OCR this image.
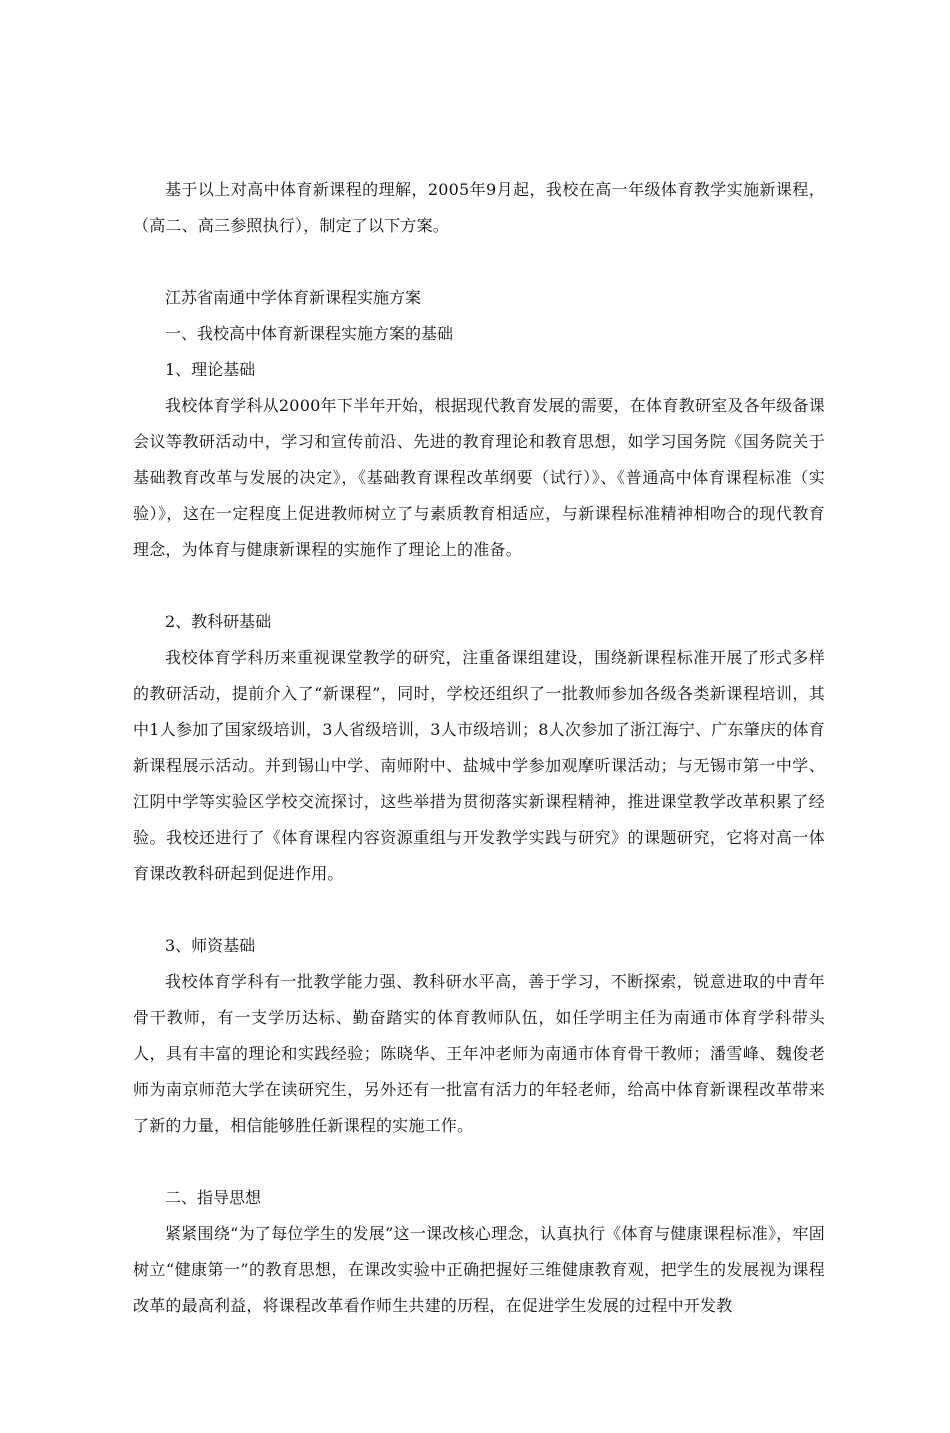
基于以上对高中体育新课程的理解，2005年9月起，我校在高一年级体育教学实施新课程，（高二、高三参照执行），制定了以下方案。

江苏省南通中学体育新课程实施方案

一、我校高中体育新课程实施方案的基础

1、理论基础

我校体育学科从2000年下半年开始，根据现代教育发展的需要，在体育教研室及各年级备课会议等教研活动中，学习和宣传前沿、先进的教育理论和教育思想，如学习国务院《国务院关于基础教育改革与发展的决定》，《基础教育课程改革纲要（试行）》、《普通高中体育课程标准（实验）》，这在一定程度上促进教师树立了与素质教育相适应，与新课程标准精神相吻合的现代教育理念，为体育与健康新课程的实施作了理论上的准备。

2、教科研基础

我校体育学科历来重视课堂教学的研究，注重备课组建设，围绕新课程标准开展了形式多样的教研活动，提前介入了“新课程”，同时，学校还组织了一批教师参加各级各类新课程培训，其中1人参加了国家级培训，3人省级培训，3人市级培训；8人次参加了浙江海宁、广东肇庆的体育新课程展示活动。并到锡山中学、南师附中、盐城中学参加观摩听课活动；与无锡市第一中学、江阴中学等实验区学校交流探讨，这些举措为贯彻落实新课程精神，推进课堂教学改革积累了经验。我校还进行了《体育课程内容资源重组与开发教学实践与研究》的课题研究，它将对高一体育课改教科研起到促进作用。

3、师资基础

我校体育学科有一批教学能力强、教科研水平高，善于学习，不断探索，锐意进取的中青年骨干教师，有一支学历达标、勤奋踏实的体育教师队伍，如任学明主任为南通市体育学科带头人，具有丰富的理论和实践经验；陈晓华、王年冲老师为南通市体育骨干教师；潘雪峰、魏俊老师为南京师范大学在读研究生，另外还有一批富有活力的年轻老师，给高中体育新课程改革带来了新的力量，相信能够胜任新课程的实施工作。

二、指导思想

紧紧围绕“为了每位学生的发展”这一课改核心理念，认真执行《体育与健康课程标准》，牢固树立“健康第一”的教育思想，在课改实验中正确把握好三维健康教育观，把学生的发展视为课程改革的最高利益，将课程改革看作师生共建的历程，在促进学生发展的过程中开发教
